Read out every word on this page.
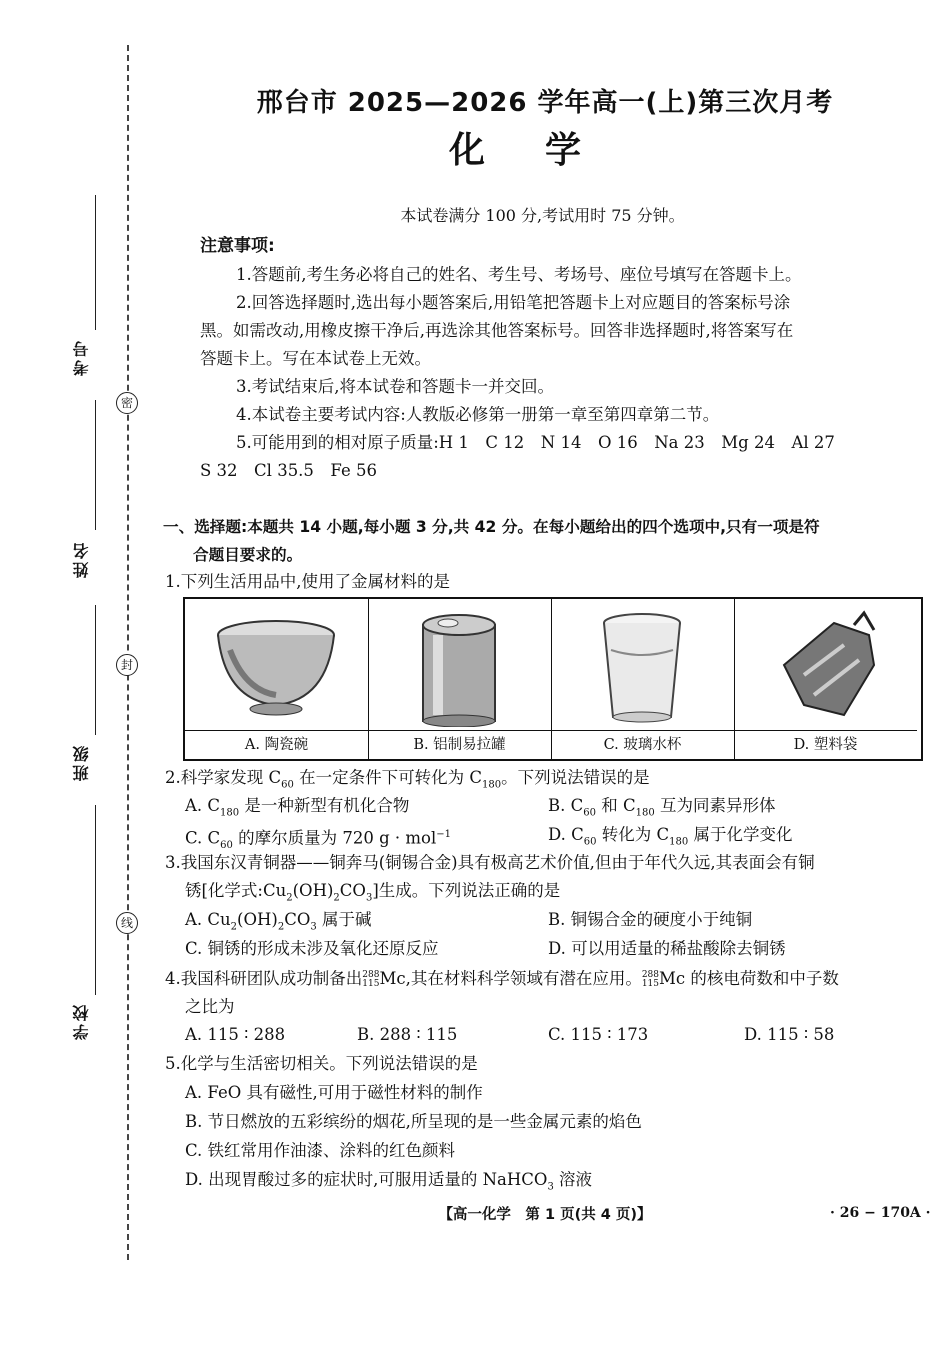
密
封
线
考号
姓名
班级
学校
邢台市 2025—2026 学年高一(上)第三次月考
化学
本试卷满分 100 分,考试用时 75 分钟。
注意事项:
1.答题前,考生务必将自己的姓名、考生号、考场号、座位号填写在答题卡上。
2.回答选择题时,选出每小题答案后,用铅笔把答题卡上对应题目的答案标号涂
黑。如需改动,用橡皮擦干净后,再选涂其他答案标号。回答非选择题时,将答案写在
答题卡上。写在本试卷上无效。
3.考试结束后,将本试卷和答题卡一并交回。
4.本试卷主要考试内容:人教版必修第一册第一章至第四章第二节。
5.可能用到的相对原子质量:H 1　C 12　N 14　O 16　Na 23　Mg 24　Al 27
S 32　Cl 35.5　Fe 56
一、选择题:本题共 14 小题,每小题 3 分,共 42 分。在每小题给出的四个选项中,只有一项是符
合题目要求的。
1.下列生活用品中,使用了金属材料的是
A. 陶瓷碗	B. 铝制易拉罐	C. 玻璃水杯	D. 塑料袋
2.科学家发现 $C_{60}$ 在一定条件下可转化为 $C_{180}$。下列说法错误的是
A. $C_{180}$ 是一种新型有机化合物	B. $C_{60}$ 和 $C_{180}$ 互为同素异形体
C. $C_{60}$ 的摩尔质量为 720 g · mol$^{-1}$	D. $C_{60}$ 转化为 $C_{180}$ 属于化学变化
3.我国东汉青铜器——铜奔马(铜锡合金)具有极高艺术价值,但由于年代久远,其表面会有铜
锈[化学式$:Cu_2(OH)_2CO_3$]生成。下列说法正确的是
A. $Cu_2(OH)_2CO_3$ 属于碱	B. 铜锡合金的硬度小于纯铜
C. 铜锈的形成未涉及氧化还原反应	D. 可以用适量的稀盐酸除去铜锈
4.我国科研团队成功制备出288
115Mc,其在材料科学领域有潜在应用。288
115Mc 的核电荷数和中子数
之比为
A. 115 ∶ 288	B. 288 ∶ 115	C. 115 ∶ 173	D. 115 ∶ 58
5.化学与生活密切相关。下列说法错误的是
A. FeO 具有磁性,可用于磁性材料的制作
B. 节日燃放的五彩缤纷的烟花,所呈现的是一些金属元素的焰色
C. 铁红常用作油漆、涂料的红色颜料
D. 出现胃酸过多的症状时,可服用适量的 NaHCO$_3$ 溶液
【高一化学　第 1 页(共 4 页)】	· 26 − 170A ·
